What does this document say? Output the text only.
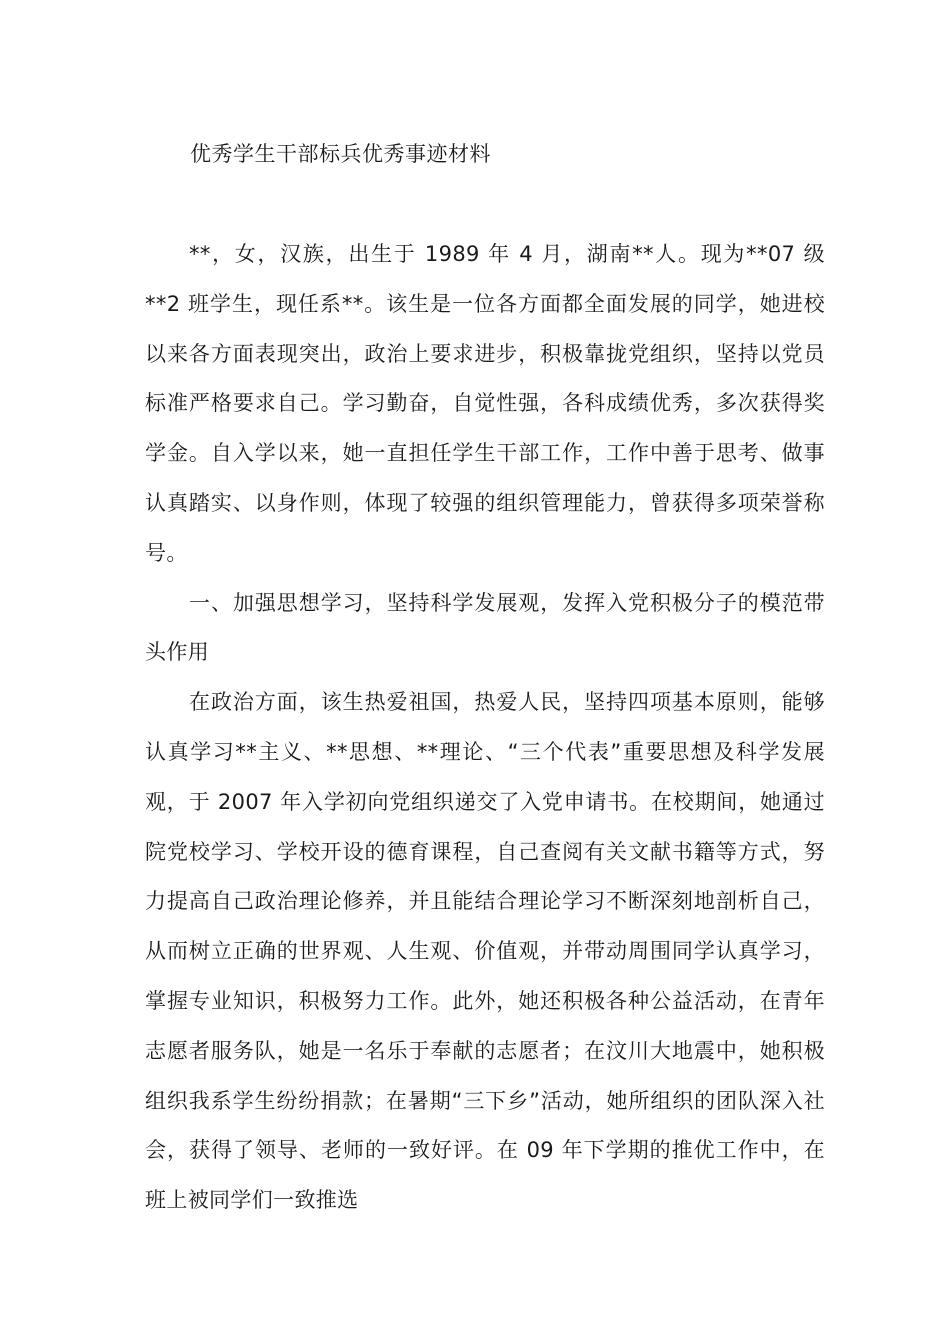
优秀学生干部标兵优秀事迹材料

**，女，汉族，出生于 1989 年 4 月，湖南**人。现为**07 级**2 班学生，现任系**。该生是一位各方面都全面发展的同学，她进校以来各方面表现突出，政治上要求进步，积极靠拢党组织，坚持以党员标准严格要求自己。学习勤奋，自觉性强，各科成绩优秀，多次获得奖学金。自入学以来，她一直担任学生干部工作，工作中善于思考、做事认真踏实、以身作则，体现了较强的组织管理能力，曾获得多项荣誉称号。

一、加强思想学习，坚持科学发展观，发挥入党积极分子的模范带头作用

在政治方面，该生热爱祖国，热爱人民，坚持四项基本原则，能够认真学习**主义、**思想、**理论、“三个代表”重要思想及科学发展观，于 2007 年入学初向党组织递交了入党申请书。在校期间，她通过院党校学习、学校开设的德育课程，自己查阅有关文献书籍等方式，努力提高自己政治理论修养，并且能结合理论学习不断深刻地剖析自己，从而树立正确的世界观、人生观、价值观，并带动周围同学认真学习，掌握专业知识，积极努力工作。此外，她还积极各种公益活动，在青年志愿者服务队，她是一名乐于奉献的志愿者；在汶川大地震中，她积极组织我系学生纷纷捐款；在暑期“三下乡”活动，她所组织的团队深入社会，获得了领导、老师的一致好评。在 09 年下学期的推优工作中，在班上被同学们一致推选
